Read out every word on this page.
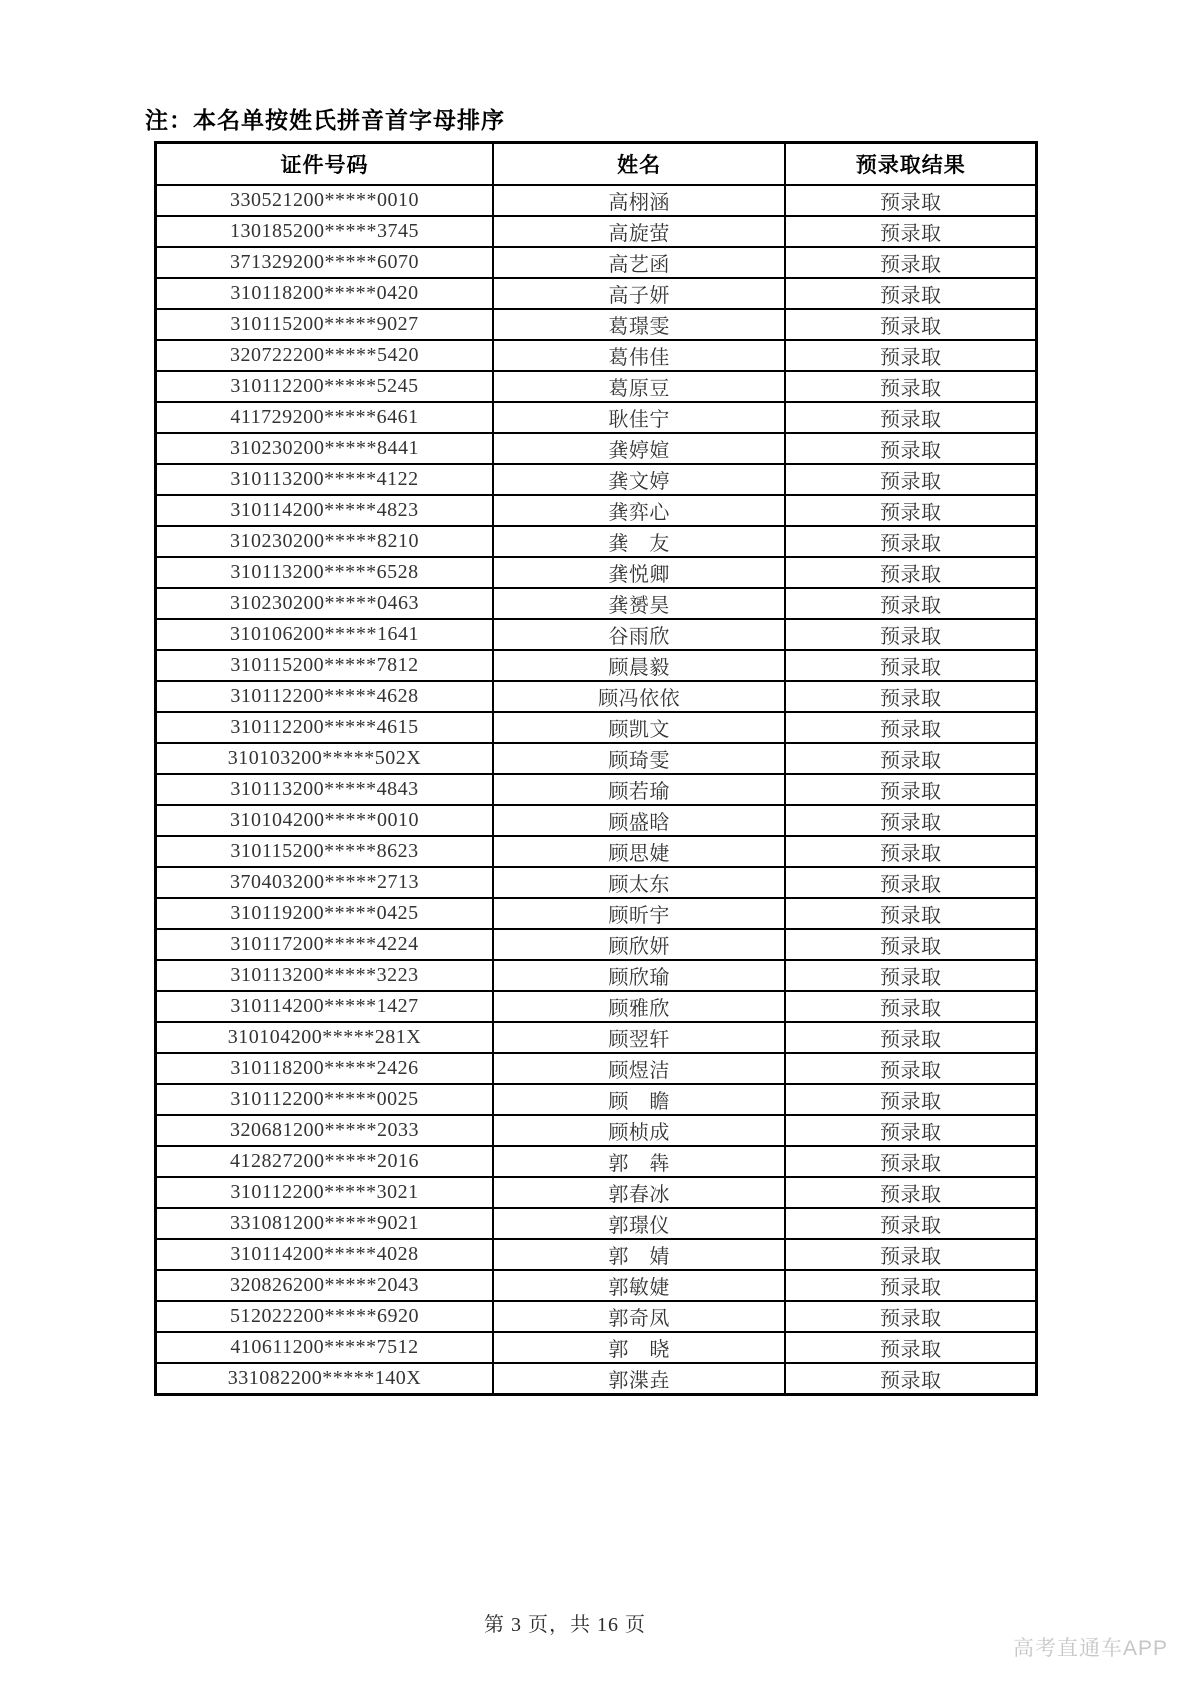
注：本名单按姓氏拼音首字母排序
证件号码	姓名	预录取结果
330521200*****0010	高栩涵	预录取
130185200*****3745	高旋萤	预录取
371329200*****6070	高艺函	预录取
310118200*****0420	高子妍	预录取
310115200*****9027	葛璟雯	预录取
320722200*****5420	葛伟佳	预录取
310112200*****5245	葛原豆	预录取
411729200*****6461	耿佳宁	预录取
310230200*****8441	龚婷媗	预录取
310113200*****4122	龚文婷	预录取
310114200*****4823	龚弈心	预录取
310230200*****8210	龚　友	预录取
310113200*****6528	龚悦卿	预录取
310230200*****0463	龚赟昊	预录取
310106200*****1641	谷雨欣	预录取
310115200*****7812	顾晨毅	预录取
310112200*****4628	顾冯依依	预录取
310112200*****4615	顾凯文	预录取
310103200*****502X	顾琦雯	预录取
310113200*****4843	顾若瑜	预录取
310104200*****0010	顾盛晗	预录取
310115200*****8623	顾思婕	预录取
370403200*****2713	顾太东	预录取
310119200*****0425	顾昕宇	预录取
310117200*****4224	顾欣妍	预录取
310113200*****3223	顾欣瑜	预录取
310114200*****1427	顾雅欣	预录取
310104200*****281X	顾翌轩	预录取
310118200*****2426	顾煜洁	预录取
310112200*****0025	顾　瞻	预录取
320681200*****2033	顾桢成	预录取
412827200*****2016	郭　犇	预录取
310112200*****3021	郭春冰	预录取
331081200*****9021	郭璟仪	预录取
310114200*****4028	郭　婧	预录取
320826200*****2043	郭敏婕	预录取
512022200*****6920	郭奇凤	预录取
410611200*****7512	郭　晓	预录取
331082200*****140X	郭渫垚	预录取
第 3 页，共 16 页
高考直通车APP
